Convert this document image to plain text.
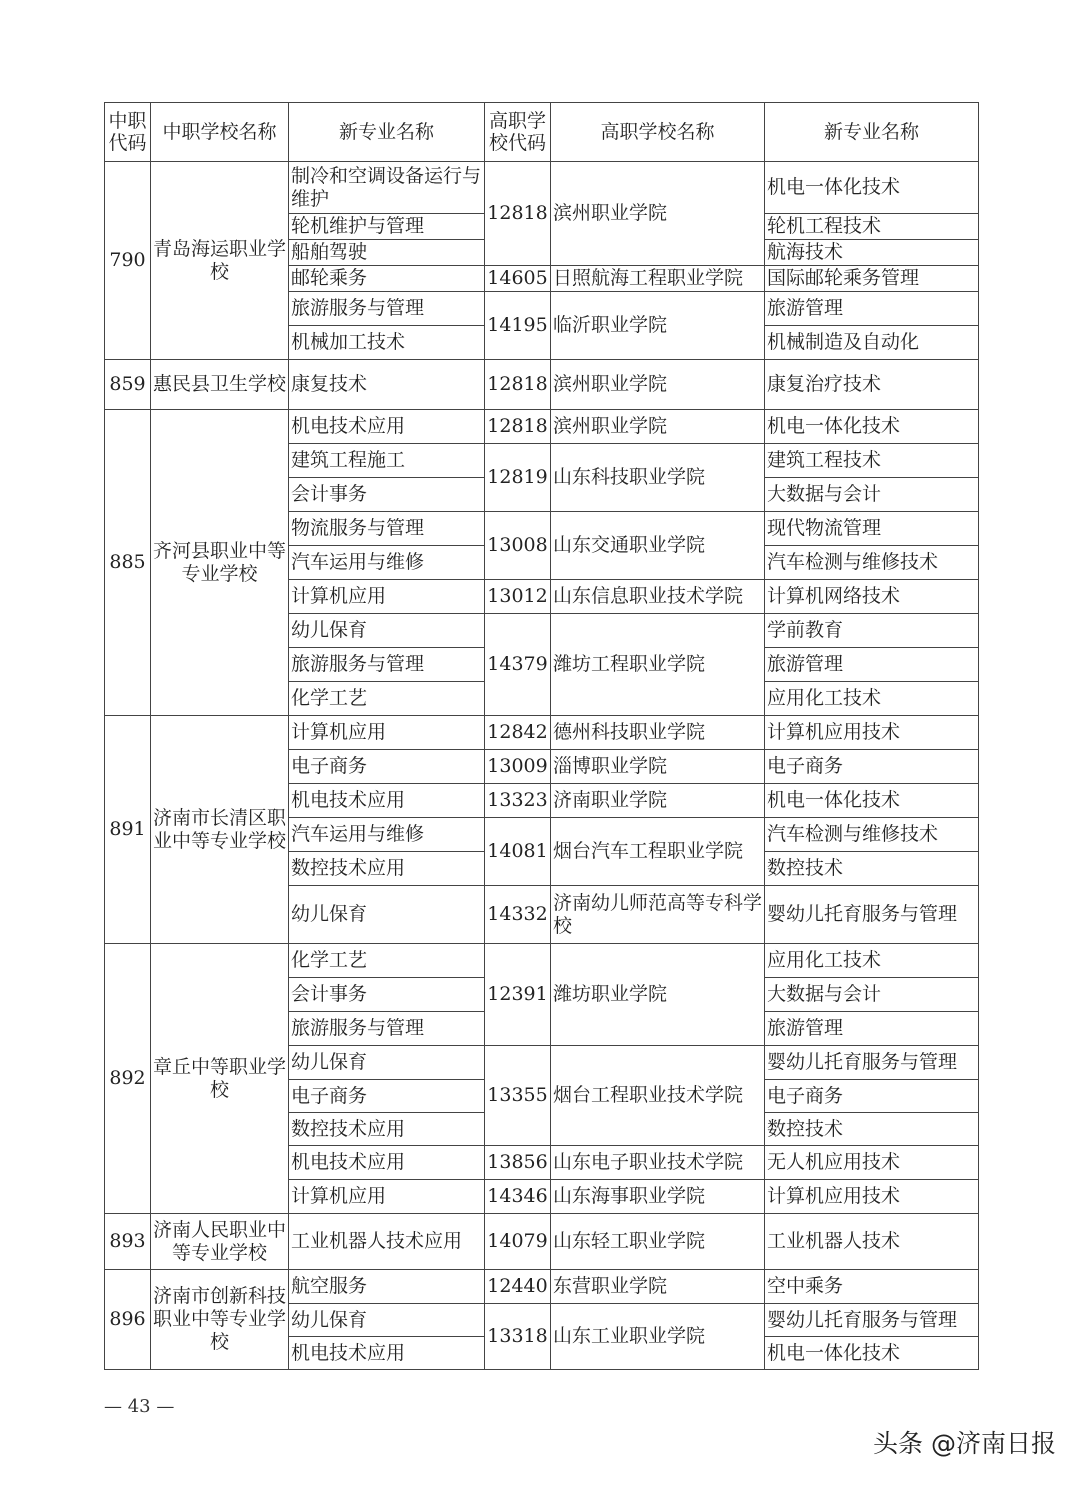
中职代码	中职学校名称	新专业名称	高职学校代码	高职学校名称	新专业名称
790	青岛海运职业学校	制冷和空调设备运行与维护	12818	滨州职业学院	机电一体化技术
		轮机维护与管理			轮机工程技术
		船舶驾驶			航海技术
		邮轮乘务	14605	日照航海工程职业学院	国际邮轮乘务管理
		旅游服务与管理	14195	临沂职业学院	旅游管理
		机械加工技术			机械制造及自动化
859	惠民县卫生学校	康复技术	12818	滨州职业学院	康复治疗技术
885	齐河县职业中等专业学校	机电技术应用	12818	滨州职业学院	机电一体化技术
		建筑工程施工	12819	山东科技职业学院	建筑工程技术
		会计事务			大数据与会计
		物流服务与管理	13008	山东交通职业学院	现代物流管理
		汽车运用与维修			汽车检测与维修技术
		计算机应用	13012	山东信息职业技术学院	计算机网络技术
		幼儿保育	14379	潍坊工程职业学院	学前教育
		旅游服务与管理			旅游管理
		化学工艺			应用化工技术
891	济南市长清区职业中等专业学校	计算机应用	12842	德州科技职业学院	计算机应用技术
		电子商务	13009	淄博职业学院	电子商务
		机电技术应用	13323	济南职业学院	机电一体化技术
		汽车运用与维修	14081	烟台汽车工程职业学院	汽车检测与维修技术
		数控技术应用			数控技术
		幼儿保育	14332	济南幼儿师范高等专科学校	婴幼儿托育服务与管理
892	章丘中等职业学校	化学工艺	12391	潍坊职业学院	应用化工技术
		会计事务			大数据与会计
		旅游服务与管理			旅游管理
		幼儿保育	13355	烟台工程职业技术学院	婴幼儿托育服务与管理
		电子商务			电子商务
		数控技术应用			数控技术
		机电技术应用	13856	山东电子职业技术学院	无人机应用技术
		计算机应用	14346	山东海事职业学院	计算机应用技术
893	济南人民职业中等专业学校	工业机器人技术应用	14079	山东轻工职业学院	工业机器人技术
896	济南市创新科技职业中等专业学校	航空服务	12440	东营职业学院	空中乘务
		幼儿保育	13318	山东工业职业学院	婴幼儿托育服务与管理
		机电技术应用			机电一体化技术
— 43 —
头条 @济南日报
